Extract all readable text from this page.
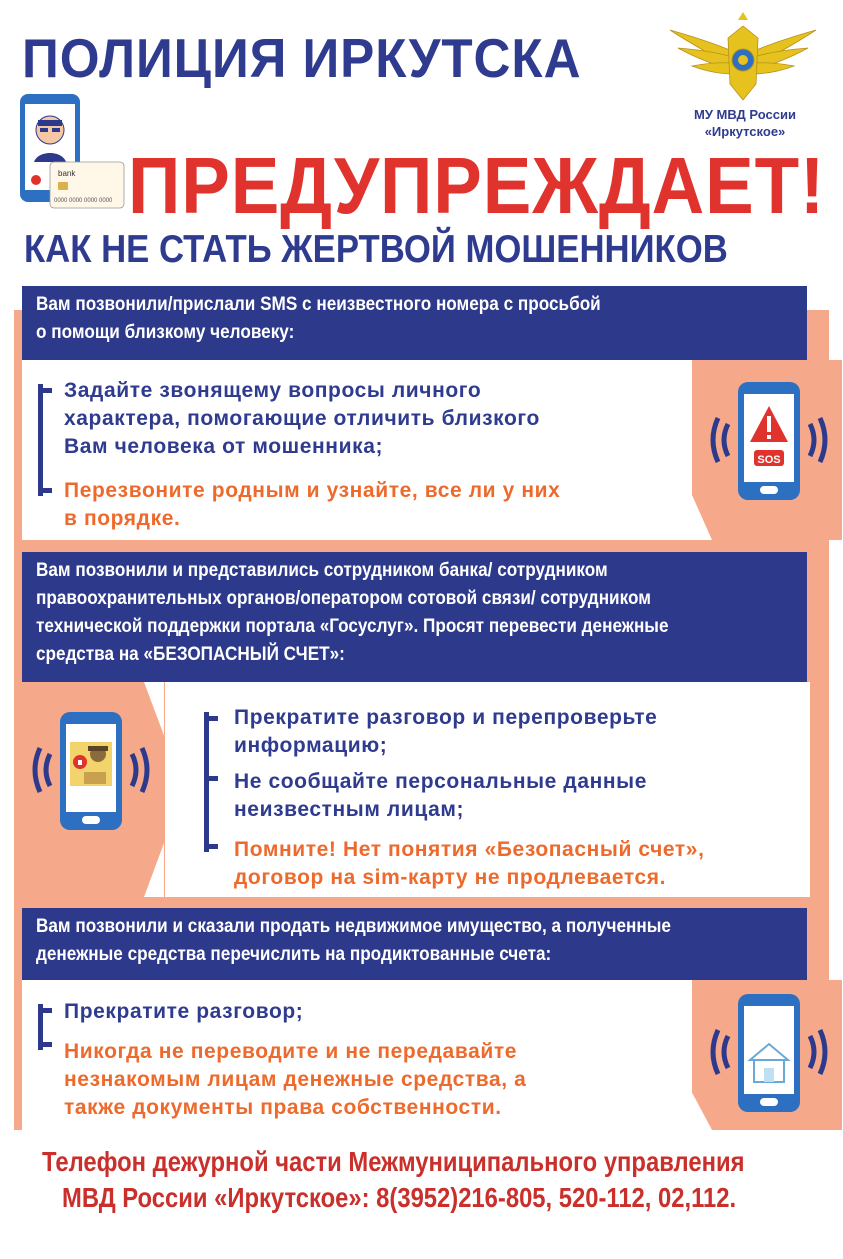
ПОЛИЦИЯ ИРКУТСКА
МУ МВД России
«Иркутское»
bank
0000 0000 0000 0000 ПРЕДУПРЕЖДАЕТ!
КАК НЕ СТАТЬ ЖЕРТВОЙ МОШЕННИКОВ
Вам позвонили/прислали SMS с неизвестного номера с просьбой
о помощи близкому человеку:
SOS
Задайте звонящему вопросы личного
характера, помогающие отличить близкого
Вам человека от мошенника;
Перезвоните родным и узнайте, все ли у них
в порядке.
Вам позвонили и представились сотрудником банка/ сотрудником
правоохранительных органов/оператором сотовой связи/ сотрудником
технической поддержки портала «Госуслуг». Просят перевести денежные
средства на «БЕЗОПАСНЫЙ СЧЕТ»:
Прекратите разговор и перепроверьте
информацию;
Не сообщайте персональные данные
неизвестным лицам;
Помните! Нет понятия «Безопасный счет»,
договор на sim-карту не продлевается.
Вам позвонили и сказали продать недвижимое имущество, а полученные
денежные средства перечислить на продиктованные счета:
Прекратите разговор;
Никогда не переводите и не передавайте
незнакомым лицам денежные средства, а
также документы права собственности.
Телефон дежурной части Межмуниципального управления
МВД России «Иркутское»: 8(3952)216-805, 520-112, 02,112.
